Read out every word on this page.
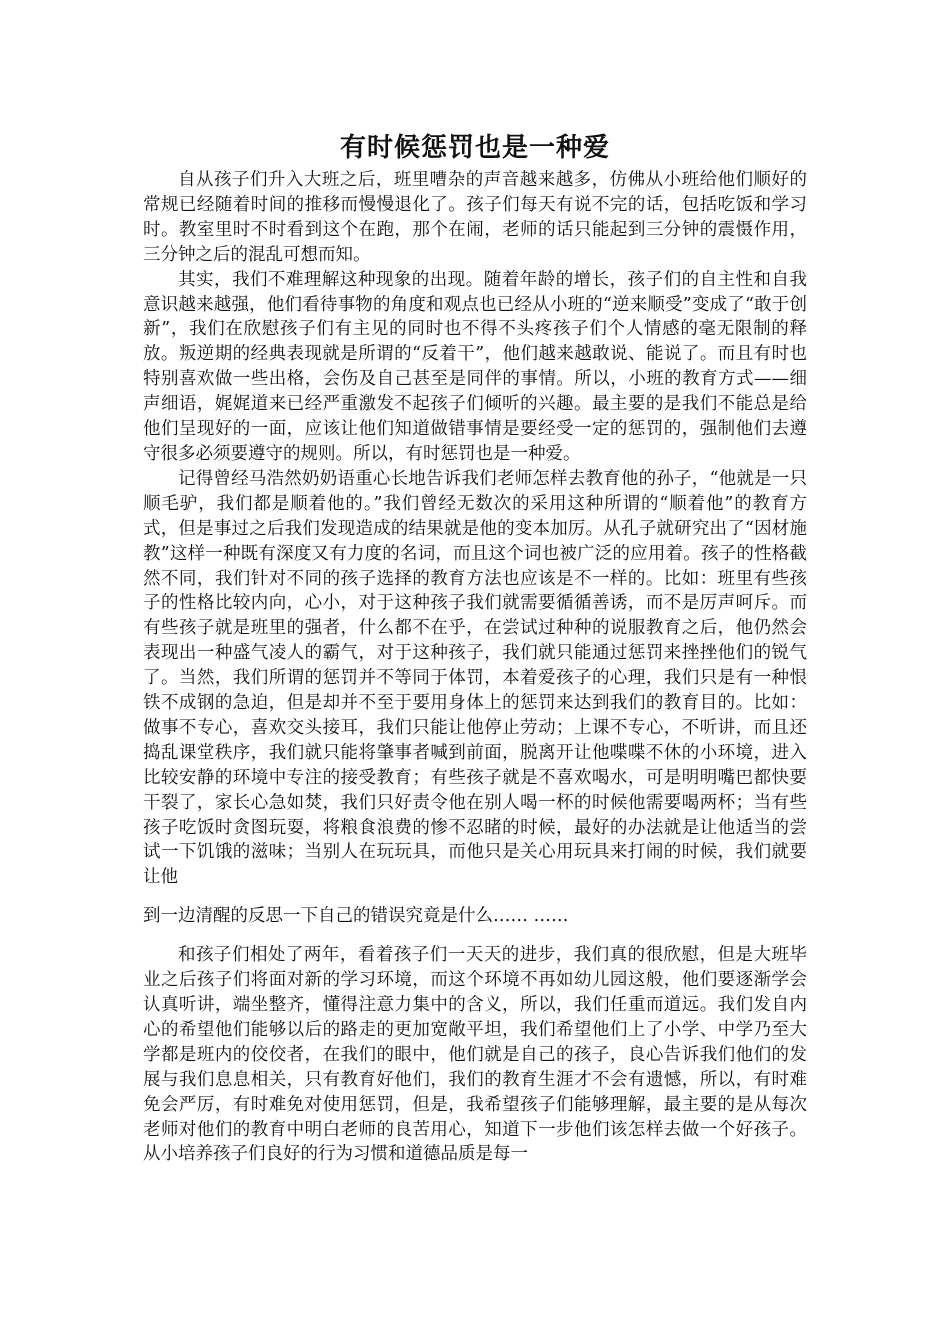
有时候惩罚也是一种爱

自从孩子们升入大班之后，班里嘈杂的声音越来越多，仿佛从小班给他们顺好的常规已经随着时间的推移而慢慢退化了。孩子们每天有说不完的话，包括吃饭和学习时。教室里时不时看到这个在跑，那个在闹，老师的话只能起到三分钟的震慑作用，三分钟之后的混乱可想而知。

其实，我们不难理解这种现象的出现。随着年龄的增长，孩子们的自主性和自我意识越来越强，他们看待事物的角度和观点也已经从小班的“逆来顺受”变成了“敢于创新”，我们在欣慰孩子们有主见的同时也不得不头疼孩子们个人情感的毫无限制的释放。叛逆期的经典表现就是所谓的“反着干”，他们越来越敢说、能说了。而且有时也特别喜欢做一些出格，会伤及自己甚至是同伴的事情。所以，小班的教育方式——细声细语，娓娓道来已经严重激发不起孩子们倾听的兴趣。最主要的是我们不能总是给他们呈现好的一面，应该让他们知道做错事情是要经受一定的惩罚的，强制他们去遵守很多必须要遵守的规则。所以，有时惩罚也是一种爱。

记得曾经马浩然奶奶语重心长地告诉我们老师怎样去教育他的孙子，“他就是一只顺毛驴，我们都是顺着他的。”我们曾经无数次的采用这种所谓的“顺着他”的教育方式，但是事过之后我们发现造成的结果就是他的变本加厉。从孔子就研究出了“因材施教”这样一种既有深度又有力度的名词，而且这个词也被广泛的应用着。孩子的性格截然不同，我们针对不同的孩子选择的教育方法也应该是不一样的。比如：班里有些孩子的性格比较内向，心小，对于这种孩子我们就需要循循善诱，而不是厉声呵斥。而有些孩子就是班里的强者，什么都不在乎，在尝试过种种的说服教育之后，他仍然会表现出一种盛气凌人的霸气，对于这种孩子，我们就只能通过惩罚来挫挫他们的锐气了。当然，我们所谓的惩罚并不等同于体罚，本着爱孩子的心理，我们只是有一种恨铁不成钢的急迫，但是却并不至于要用身体上的惩罚来达到我们的教育目的。比如：做事不专心，喜欢交头接耳，我们只能让他停止劳动；上课不专心，不听讲，而且还捣乱课堂秩序，我们就只能将肇事者喊到前面，脱离开让他喋喋不休的小环境，进入比较安静的环境中专注的接受教育；有些孩子就是不喜欢喝水，可是明明嘴巴都快要干裂了，家长心急如焚，我们只好责令他在别人喝一杯的时候他需要喝两杯；当有些孩子吃饭时贪图玩耍，将粮食浪费的惨不忍睹的时候，最好的办法就是让他适当的尝试一下饥饿的滋味；当别人在玩玩具，而他只是关心用玩具来打闹的时候，我们就要让他

到一边清醒的反思一下自己的错误究竟是什么…… ……

和孩子们相处了两年，看着孩子们一天天的进步，我们真的很欣慰，但是大班毕业之后孩子们将面对新的学习环境，而这个环境不再如幼儿园这般，他们要逐渐学会认真听讲，端坐整齐，懂得注意力集中的含义，所以，我们任重而道远。我们发自内心的希望他们能够以后的路走的更加宽敞平坦，我们希望他们上了小学、中学乃至大学都是班内的佼佼者，在我们的眼中，他们就是自己的孩子，良心告诉我们他们的发展与我们息息相关，只有教育好他们，我们的教育生涯才不会有遗憾，所以，有时难免会严厉，有时难免对使用惩罚，但是，我希望孩子们能够理解，最主要的是从每次老师对他们的教育中明白老师的良苦用心，知道下一步他们该怎样去做一个好孩子。从小培养孩子们良好的行为习惯和道德品质是每一
